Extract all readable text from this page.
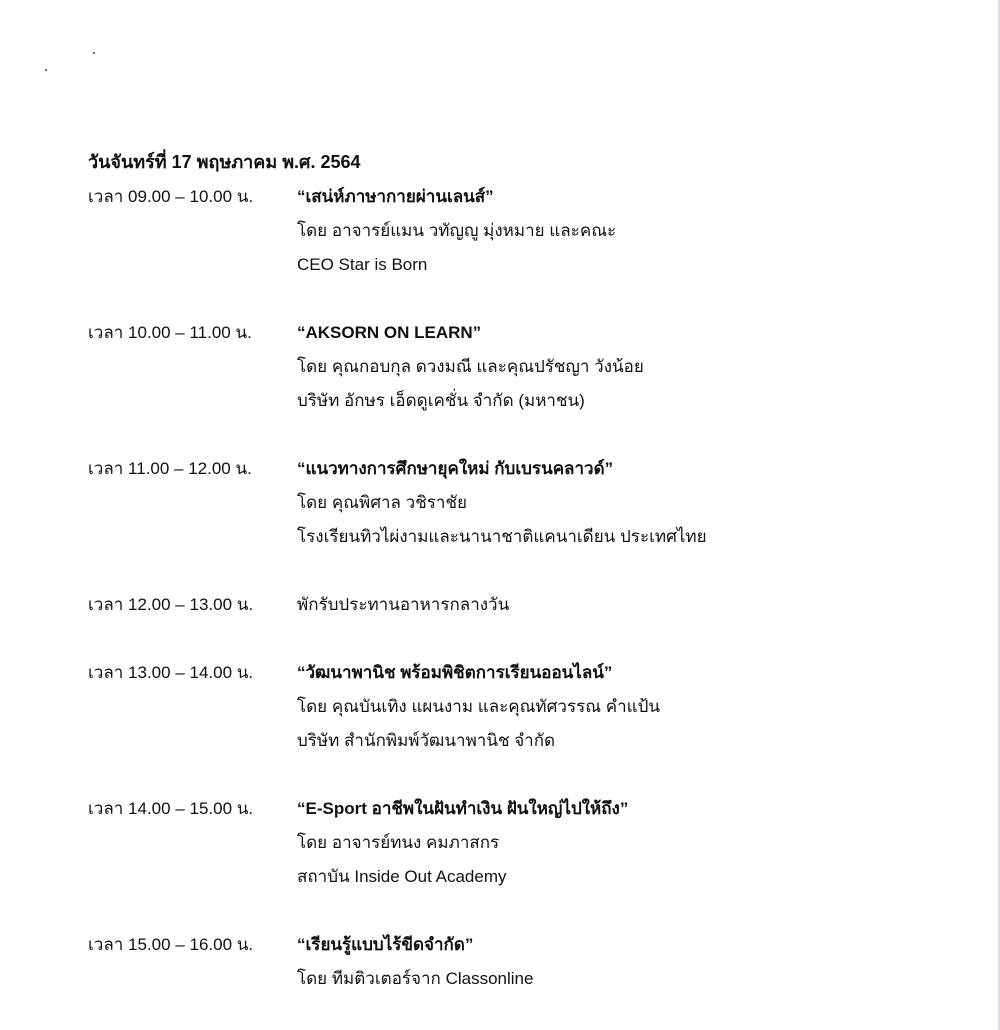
วันจันทร์ที่ 17 พฤษภาคม พ.ศ. 2564
เวลา 09.00 – 10.00 น.	“เสน่ห์ภาษากายผ่านเลนส์”
โดย อาจารย์แมน วทัญญู มุ่งหมาย และคณะ
CEO Star is Born
เวลา 10.00 – 11.00 น.	“AKSORN ON LEARN”
โดย คุณกอบกุล ดวงมณี และคุณปรัชญา วังน้อย
บริษัท อักษร เอ็ดดูเคชั่น จำกัด (มหาชน)
เวลา 11.00 – 12.00 น.	“แนวทางการศึกษายุคใหม่ กับเบรนคลาวด์”
โดย คุณพิศาล วชิราชัย
โรงเรียนทิวไผ่งามและนานาชาติแคนาเดียน ประเทศไทย
เวลา 12.00 – 13.00 น.	พักรับประทานอาหารกลางวัน
เวลา 13.00 – 14.00 น.	“วัฒนาพานิช พร้อมพิชิตการเรียนออนไลน์”
โดย คุณบันเทิง แผนงาม และคุณทัศวรรณ คำแป้น
บริษัท สำนักพิมพ์วัฒนาพานิช จำกัด
เวลา 14.00 – 15.00 น.	“E-Sport อาชีพในฝันทำเงิน ฝันใหญ่ไปให้ถึง”
โดย อาจารย์ทนง คมภาสกร
สถาบัน Inside Out Academy
เวลา 15.00 – 16.00 น.	“เรียนรู้แบบไร้ขีดจำกัด”
โดย ทีมติวเตอร์จาก Classonline
